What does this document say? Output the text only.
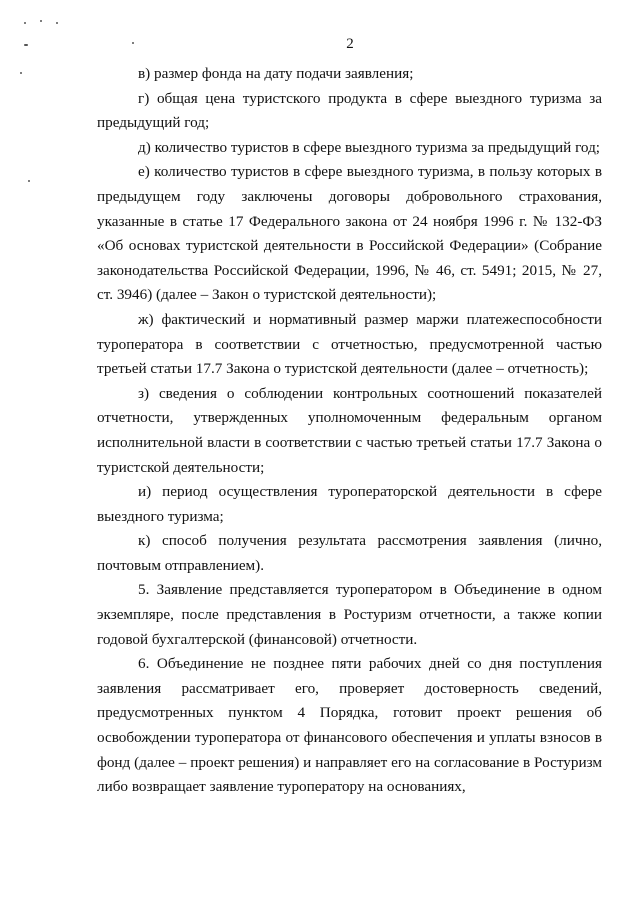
2

в) размер фонда на дату подачи заявления;

г) общая цена туристского продукта в сфере выездного туризма за предыдущий год;

д) количество туристов в сфере выездного туризма за предыдущий год;

е) количество туристов в сфере выездного туризма, в пользу которых в предыдущем году заключены договоры добровольного страхования, указанные в статье 17 Федерального закона от 24 ноября 1996 г. № 132-ФЗ «Об основах туристской деятельности в Российской Федерации» (Собрание законодательства Российской Федерации, 1996, № 46, ст. 5491; 2015, № 27, ст. 3946) (далее – Закон о туристской деятельности);

ж) фактический и нормативный размер маржи платежеспособности туроператора в соответствии с отчетностью, предусмотренной частью третьей статьи 17.7 Закона о туристской деятельности (далее – отчетность);

з) сведения о соблюдении контрольных соотношений показателей отчетности, утвержденных уполномоченным федеральным органом исполнительной власти в соответствии с частью третьей статьи 17.7 Закона о туристской деятельности;

и) период осуществления туроператорской деятельности в сфере выездного туризма;

к) способ получения результата рассмотрения заявления (лично, почтовым отправлением).

5. Заявление представляется туроператором в Объединение в одном экземпляре, после представления в Ростуризм отчетности, а также копии годовой бухгалтерской (финансовой) отчетности.

6. Объединение не позднее пяти рабочих дней со дня поступления заявления рассматривает его, проверяет достоверность сведений, предусмотренных пунктом 4 Порядка, готовит проект решения об освобождении туроператора от финансового обеспечения и уплаты взносов в фонд (далее – проект решения) и направляет его на согласование в Ростуризм либо возвращает заявление туроператору на основаниях,
